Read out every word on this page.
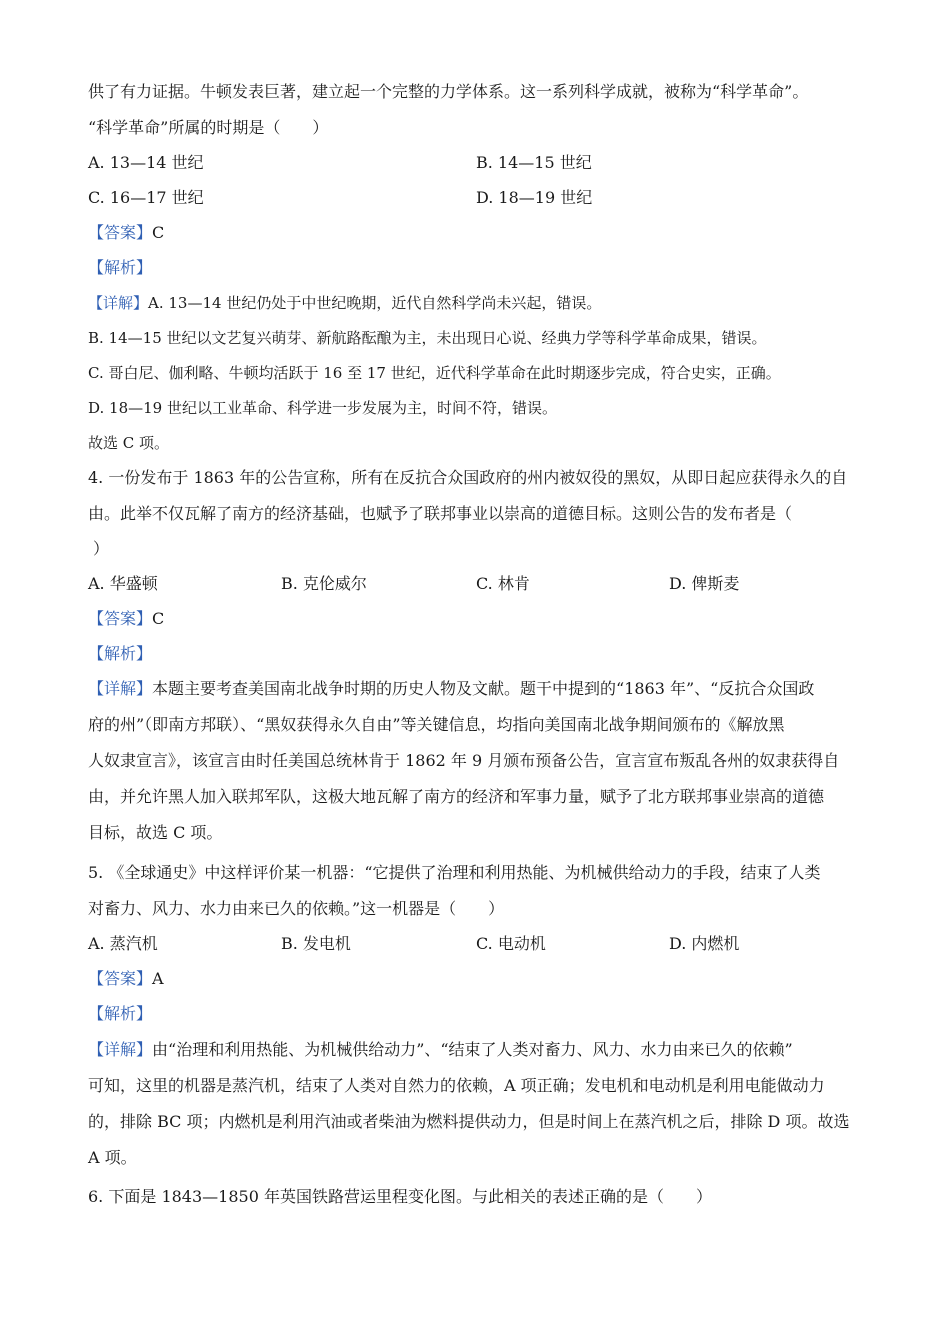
供了有力证据。牛顿发表巨著，建立起一个完整的力学体系。这一系列科学成就，被称为“科学革命”。
“科学革命”所属的时期是（　　）
A. 13—14 世纪	B. 14—15 世纪
C. 16—17 世纪	D. 18—19 世纪
【答案】C
【解析】
【详解】A. 13—14 世纪仍处于中世纪晚期，近代自然科学尚未兴起，错误。
B. 14—15 世纪以文艺复兴萌芽、新航路酝酿为主，未出现日心说、经典力学等科学革命成果，错误。
C. 哥白尼、伽利略、牛顿均活跃于 16 至 17 世纪，近代科学革命在此时期逐步完成，符合史实，正确。
D. 18—19 世纪以工业革命、科学进一步发展为主，时间不符，错误。
故选 C 项。
4. 一份发布于 1863 年的公告宣称，所有在反抗合众国政府的州内被奴役的黑奴，从即日起应获得永久的自
由。此举不仅瓦解了南方的经济基础，也赋予了联邦事业以崇高的道德目标。这则公告的发布者是（
）
A. 华盛顿	B. 克伦威尔	C. 林肯	D. 俾斯麦
【答案】C
【解析】
【详解】本题主要考查美国南北战争时期的历史人物及文献。题干中提到的“1863 年”、“反抗合众国政
府的州”（即南方邦联）、“黑奴获得永久自由”等关键信息，均指向美国南北战争期间颁布的《解放黑
人奴隶宣言》，该宣言由时任美国总统林肯于 1862 年 9 月颁布预备公告，宣言宣布叛乱各州的奴隶获得自
由，并允许黑人加入联邦军队，这极大地瓦解了南方的经济和军事力量，赋予了北方联邦事业崇高的道德
目标，故选 C 项。
5. 《全球通史》中这样评价某一机器：“它提供了治理和利用热能、为机械供给动力的手段，结束了人类
对畜力、风力、水力由来已久的依赖。”这一机器是（　　）
A. 蒸汽机	B. 发电机	C. 电动机	D. 内燃机
【答案】A
【解析】
【详解】由“治理和利用热能、为机械供给动力”、“结束了人类对畜力、风力、水力由来已久的依赖”
可知，这里的机器是蒸汽机，结束了人类对自然力的依赖，A 项正确；发电机和电动机是利用电能做动力
的，排除 BC 项；内燃机是利用汽油或者柴油为燃料提供动力，但是时间上在蒸汽机之后，排除 D 项。故选
A 项。
6. 下面是 1843—1850 年英国铁路营运里程变化图。与此相关的表述正确的是（　　）
